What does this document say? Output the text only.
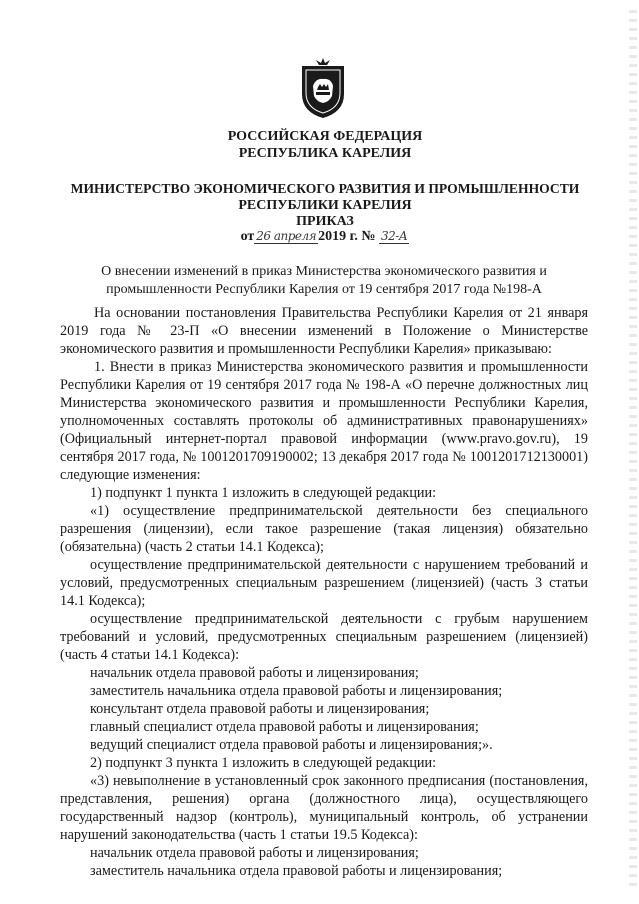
РОССИЙСКАЯ ФЕДЕРАЦИЯ
РЕСПУБЛИКА КАРЕЛИЯ
МИНИСТЕРСТВО ЭКОНОМИЧЕСКОГО РАЗВИТИЯ И ПРОМЫШЛЕННОСТИ
РЕСПУБЛИКИ КАРЕЛИЯ
ПРИКАЗ
от 26 апреля 2019 г. № 32-А
О внесении изменений в приказ Министерства экономического развития и промышленности Республики Карелия от 19 сентября 2017 года №198-А

На основании постановления Правительства Республики Карелия от 21 января 2019 года № 23-П «О внесении изменений в Положение о Министерстве экономического развития и промышленности Республики Карелия» приказываю:

1. Внести в приказ Министерства экономического развития и промышленности Республики Карелия от 19 сентября 2017 года № 198-А «О перечне должностных лиц Министерства экономического развития и промышленности Республики Карелия, уполномоченных составлять протоколы об административных правонарушениях» (Официальный интернет-портал правовой информации (www.pravo.gov.ru), 19 сентября 2017 года, № 1001201709190002; 13 декабря 2017 года № 1001201712130001) следующие изменения:

1) подпункт 1 пункта 1 изложить в следующей редакции:

«1) осуществление предпринимательской деятельности без специального разрешения (лицензии), если такое разрешение (такая лицензия) обязательно (обязательна) (часть 2 статьи 14.1 Кодекса);

осуществление предпринимательской деятельности с нарушением требований и условий, предусмотренных специальным разрешением (лицензией) (часть 3 статьи 14.1 Кодекса);

осуществление предпринимательской деятельности с грубым нарушением требований и условий, предусмотренных специальным разрешением (лицензией) (часть 4 статьи 14.1 Кодекса):

начальник отдела правовой работы и лицензирования;

заместитель начальника отдела правовой работы и лицензирования;

консультант отдела правовой работы и лицензирования;

главный специалист отдела правовой работы и лицензирования;

ведущий специалист отдела правовой работы и лицензирования;».

2) подпункт 3 пункта 1 изложить в следующей редакции:

«3) невыполнение в установленный срок законного предписания (постановления, представления, решения) органа (должностного лица), осуществляющего государственный надзор (контроль), муниципальный контроль, об устранении нарушений законодательства (часть 1 статьи 19.5 Кодекса):

начальник отдела правовой работы и лицензирования;

заместитель начальника отдела правовой работы и лицензирования;
